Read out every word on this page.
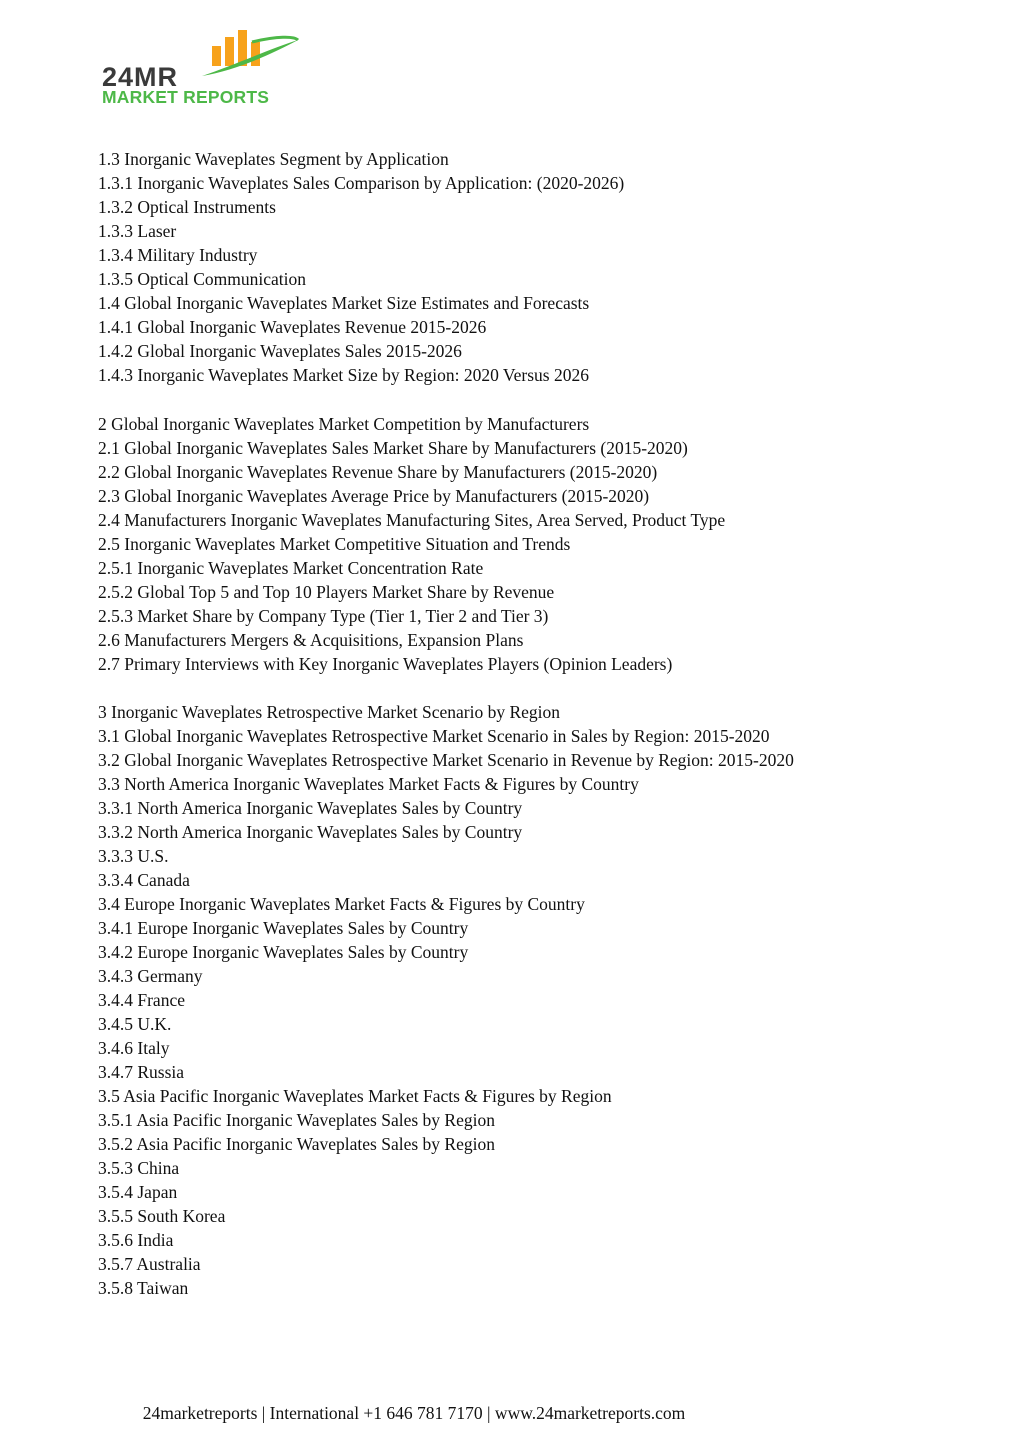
24MR
MARKET REPORTS
1.3 Inorganic Waveplates Segment by Application
1.3.1 Inorganic Waveplates Sales Comparison by Application: (2020-2026)
1.3.2 Optical Instruments
1.3.3 Laser
1.3.4 Military Industry
1.3.5 Optical Communication
1.4 Global Inorganic Waveplates Market Size Estimates and Forecasts
1.4.1 Global Inorganic Waveplates Revenue 2015-2026
1.4.2 Global Inorganic Waveplates Sales 2015-2026
1.4.3 Inorganic Waveplates Market Size by Region: 2020 Versus 2026
2 Global Inorganic Waveplates Market Competition by Manufacturers
2.1 Global Inorganic Waveplates Sales Market Share by Manufacturers (2015-2020)
2.2 Global Inorganic Waveplates Revenue Share by Manufacturers (2015-2020)
2.3 Global Inorganic Waveplates Average Price by Manufacturers (2015-2020)
2.4 Manufacturers Inorganic Waveplates Manufacturing Sites, Area Served, Product Type
2.5 Inorganic Waveplates Market Competitive Situation and Trends
2.5.1 Inorganic Waveplates Market Concentration Rate
2.5.2 Global Top 5 and Top 10 Players Market Share by Revenue
2.5.3 Market Share by Company Type (Tier 1, Tier 2 and Tier 3)
2.6 Manufacturers Mergers & Acquisitions, Expansion Plans
2.7 Primary Interviews with Key Inorganic Waveplates Players (Opinion Leaders)
3 Inorganic Waveplates Retrospective Market Scenario by Region
3.1 Global Inorganic Waveplates Retrospective Market Scenario in Sales by Region: 2015-2020
3.2 Global Inorganic Waveplates Retrospective Market Scenario in Revenue by Region: 2015-2020
3.3 North America Inorganic Waveplates Market Facts & Figures by Country
3.3.1 North America Inorganic Waveplates Sales by Country
3.3.2 North America Inorganic Waveplates Sales by Country
3.3.3 U.S.
3.3.4 Canada
3.4 Europe Inorganic Waveplates Market Facts & Figures by Country
3.4.1 Europe Inorganic Waveplates Sales by Country
3.4.2 Europe Inorganic Waveplates Sales by Country
3.4.3 Germany
3.4.4 France
3.4.5 U.K.
3.4.6 Italy
3.4.7 Russia
3.5 Asia Pacific Inorganic Waveplates Market Facts & Figures by Region
3.5.1 Asia Pacific Inorganic Waveplates Sales by Region
3.5.2 Asia Pacific Inorganic Waveplates Sales by Region
3.5.3 China
3.5.4 Japan
3.5.5 South Korea
3.5.6 India
3.5.7 Australia
3.5.8 Taiwan
24marketreports | International +1 646 781 7170 | www.24marketreports.com
